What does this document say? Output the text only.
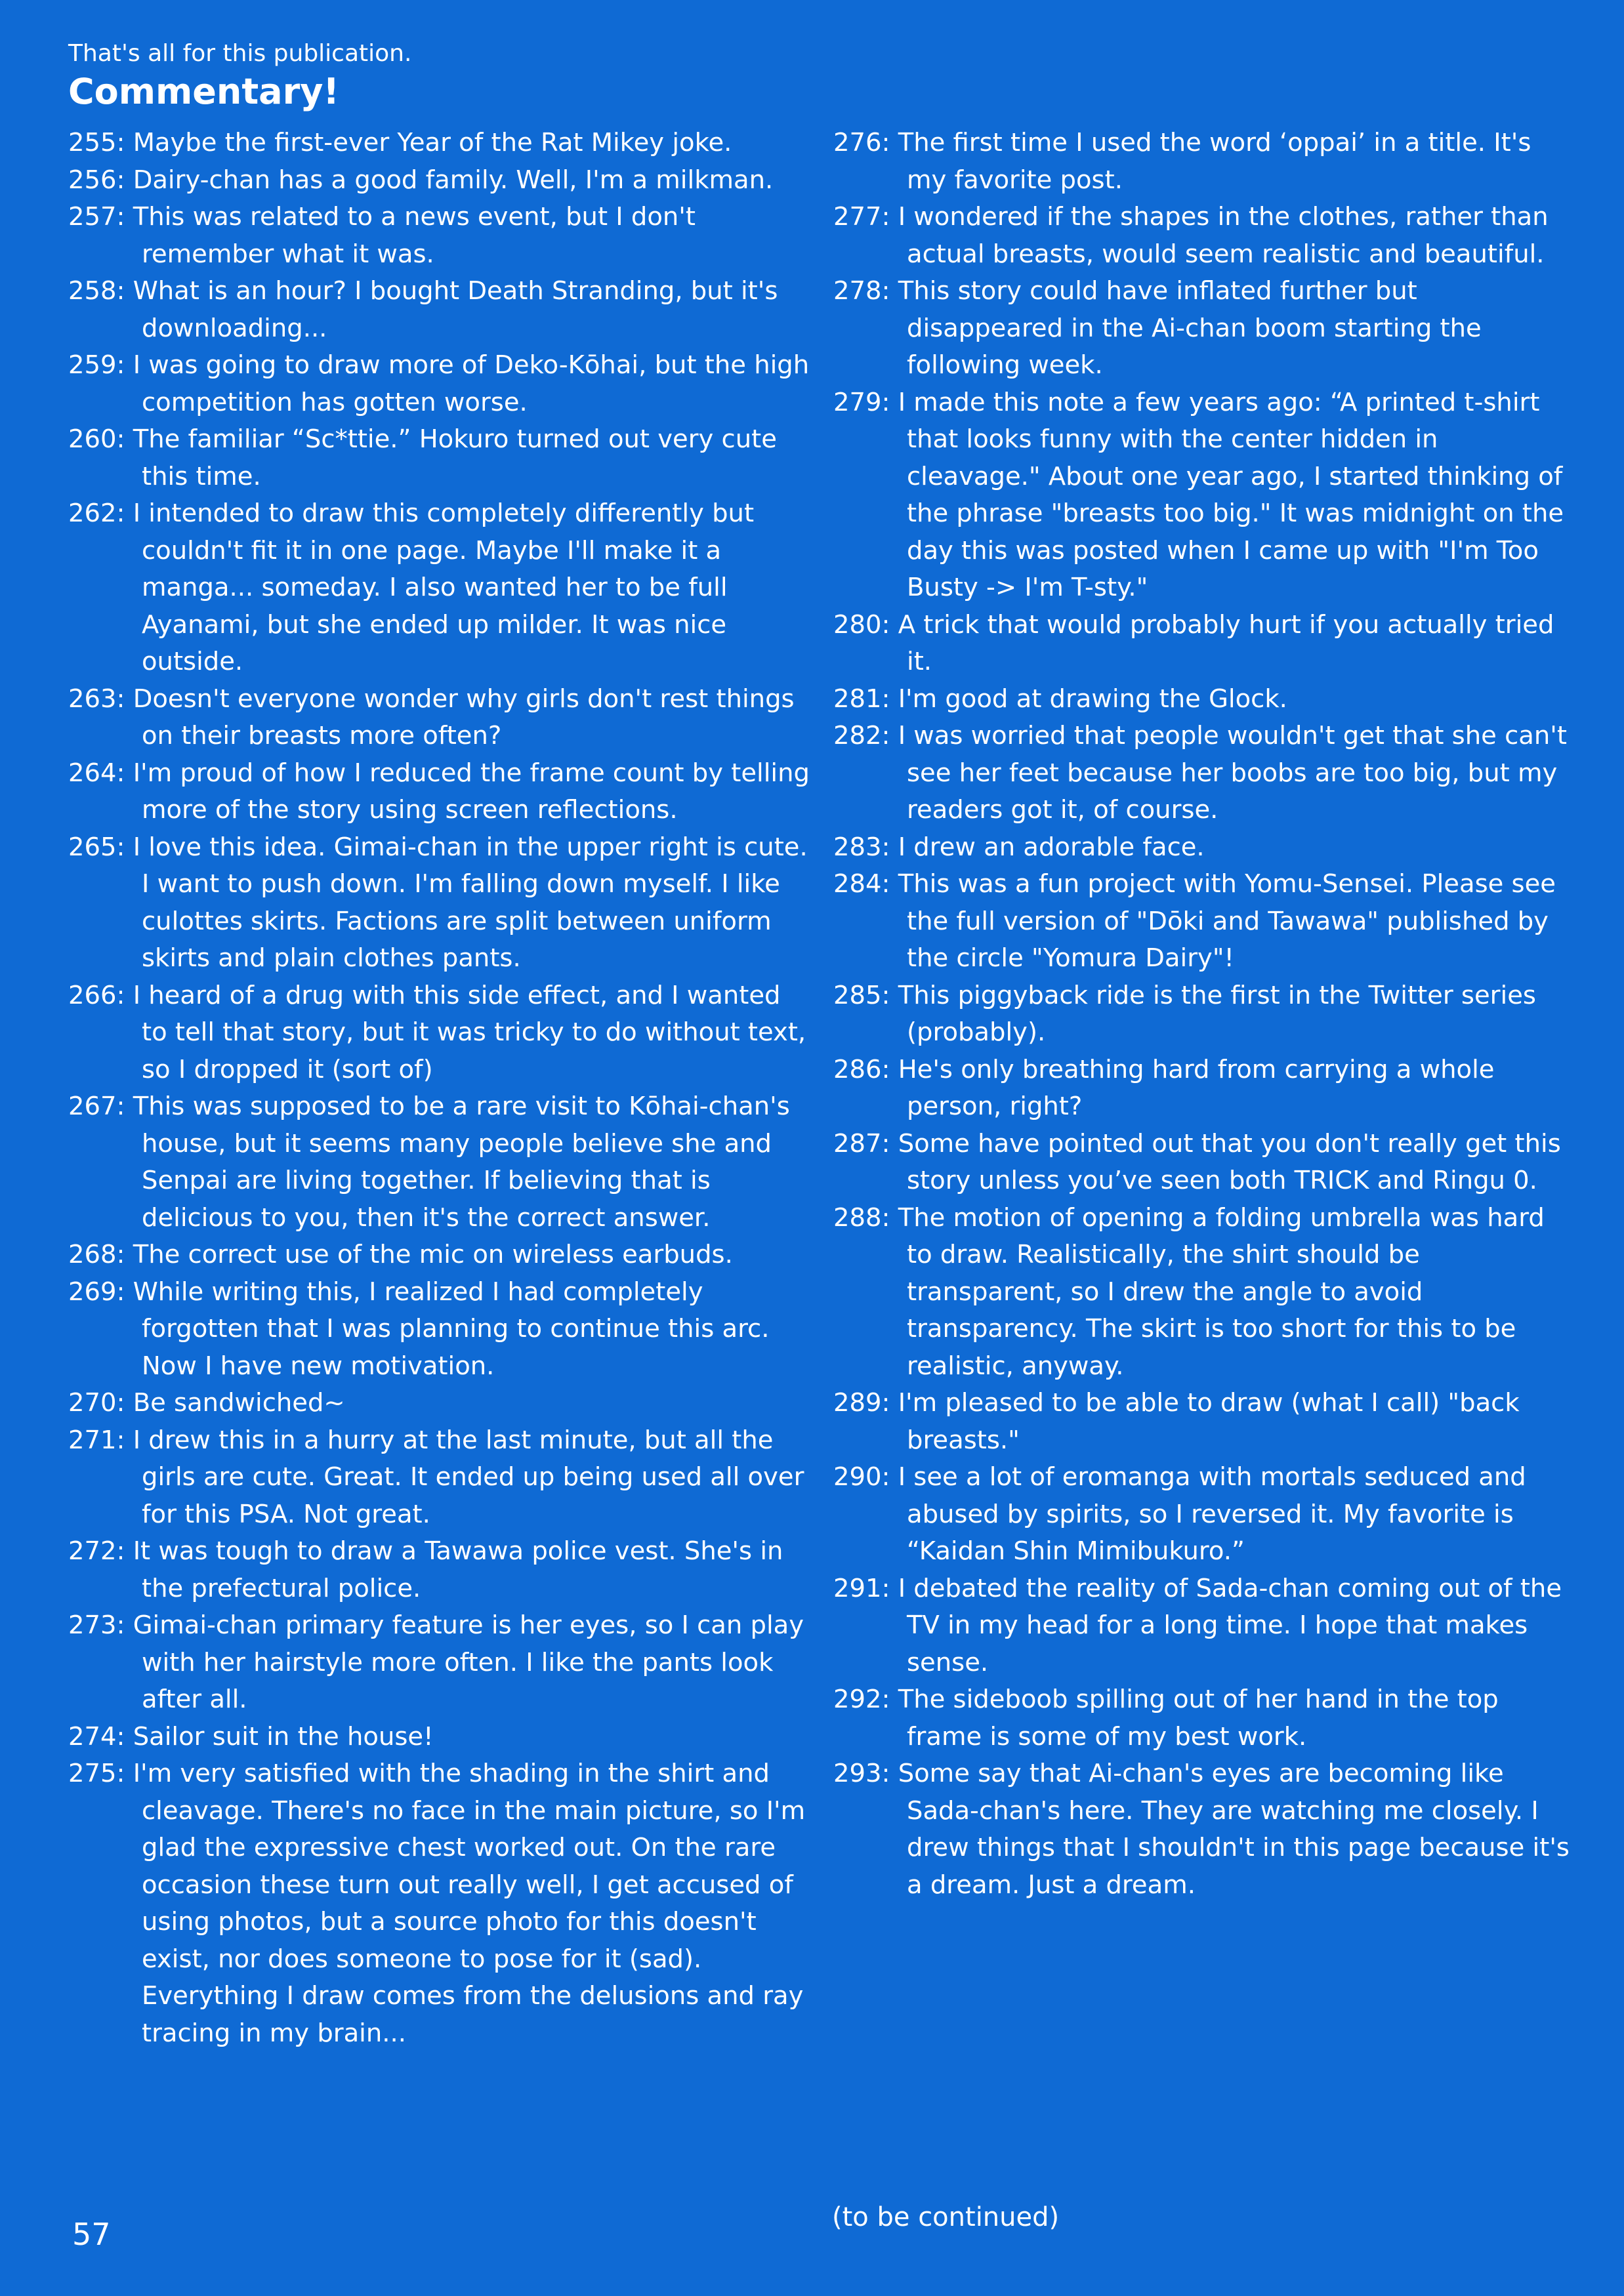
That's all for this publication.
Commentary!
255: Maybe the first-ever Year of the Rat Mikey joke.
256: Dairy-chan has a good family. Well, I'm a milkman.
257: This was related to a news event, but I don't remember what it was.
258: What is an hour? I bought Death Stranding, but it's downloading...
259: I was going to draw more of Deko-Kōhai, but the high competition has gotten worse.
260: The familiar “Sc*ttie.” Hokuro turned out very cute this time.
262: I intended to draw this completely differently but couldn't fit it in one page. Maybe I'll make it a manga... someday. I also wanted her to be full Ayanami, but she ended up milder. It was nice outside.
263: Doesn't everyone wonder why girls don't rest things on their breasts more often?
264: I'm proud of how I reduced the frame count by telling more of the story using screen reflections.
265: I love this idea. Gimai-chan in the upper right is cute. I want to push down. I'm falling down myself. I like culottes skirts. Factions are split between uniform skirts and plain clothes pants.
266: I heard of a drug with this side effect, and I wanted to tell that story, but it was tricky to do without text, so I dropped it (sort of)
267: This was supposed to be a rare visit to Kōhai-chan's house, but it seems many people believe she and Senpai are living together. If believing that is delicious to you, then it's the correct answer.
268: The correct use of the mic on wireless earbuds.
269: While writing this, I realized I had completely forgotten that I was planning to continue this arc. Now I have new motivation.
270: Be sandwiched~
271: I drew this in a hurry at the last minute, but all the girls are cute. Great. It ended up being used all over for this PSA. Not great.
272: It was tough to draw a Tawawa police vest. She's in the prefectural police.
273: Gimai-chan primary feature is her eyes, so I can play with her hairstyle more often. I like the pants look after all.
274: Sailor suit in the house!
275: I'm very satisfied with the shading in the shirt and cleavage. There's no face in the main picture, so I'm glad the expressive chest worked out. On the rare occasion these turn out really well, I get accused of using photos, but a source photo for this doesn't exist, nor does someone to pose for it (sad). Everything I draw comes from the delusions and ray tracing in my brain...
276: The first time I used the word ‘oppai’ in a title. It's my favorite post.
277: I wondered if the shapes in the clothes, rather than actual breasts, would seem realistic and beautiful.
278: This story could have inflated further but disappeared in the Ai-chan boom starting the following week.
279: I made this note a few years ago: “A printed t-shirt that looks funny with the center hidden in cleavage." About one year ago, I started thinking of the phrase "breasts too big." It was midnight on the day this was posted when I came up with "I'm Too Busty -> I'm T-sty."
280: A trick that would probably hurt if you actually tried it.
281: I'm good at drawing the Glock.
282: I was worried that people wouldn't get that she can't see her feet because her boobs are too big, but my readers got it, of course.
283: I drew an adorable face.
284: This was a fun project with Yomu-Sensei. Please see the full version of "Dōki and Tawawa" published by the circle "Yomura Dairy"!
285: This piggyback ride is the first in the Twitter series (probably).
286: He's only breathing hard from carrying a whole person, right?
287: Some have pointed out that you don't really get this story unless you’ve seen both TRICK and Ringu 0.
288: The motion of opening a folding umbrella was hard to draw. Realistically, the shirt should be transparent, so I drew the angle to avoid transparency. The skirt is too short for this to be realistic, anyway.
289: I'm pleased to be able to draw (what I call) "back breasts."
290: I see a lot of eromanga with mortals seduced and abused by spirits, so I reversed it. My favorite is “Kaidan Shin Mimibukuro.”
291: I debated the reality of Sada-chan coming out of the TV in my head for a long time. I hope that makes sense.
292: The sideboob spilling out of her hand in the top frame is some of my best work.
293: Some say that Ai-chan's eyes are becoming like Sada-chan's here. They are watching me closely. I drew things that I shouldn't in this page because it's a dream. Just a dream.
(to be continued)
57
